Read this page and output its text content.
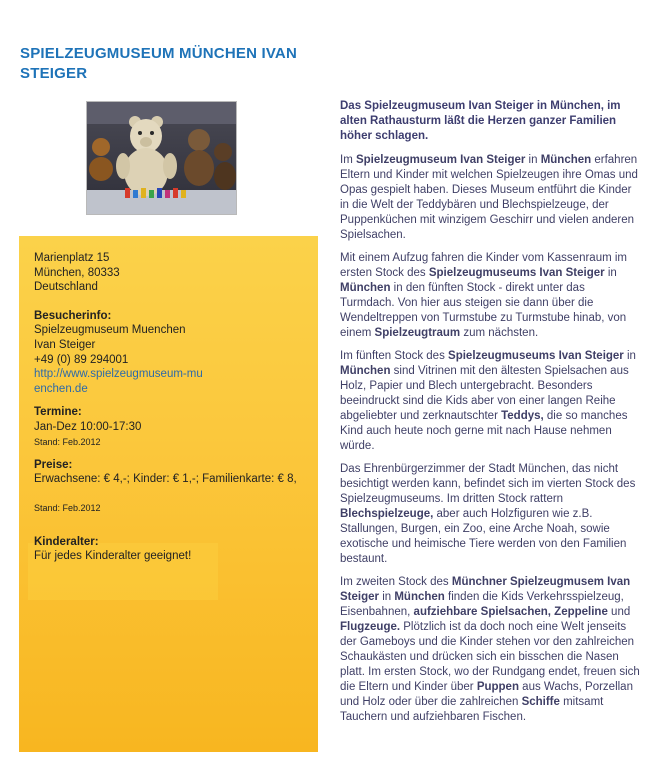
SPIELZEUGMUSEUM MÜNCHEN IVAN STEIGER

Marienplatz 15

München, 80333

Deutschland

Besucherinfo:

Spielzeugmuseum Muenchen

Ivan Steiger

+49 (0) 89 294001

http://www.spielzeugmuseum-muenchen.de

Termine:

Jan-Dez 10:00-17:30

Stand: Feb.2012

Preise:

Erwachsene: € 4,-; Kinder: € 1,-; Familienkarte: € 8,

Stand: Feb.2012

Kinderalter:

Für jedes Kinderalter geeignet!

Das Spielzeugmuseum Ivan Steiger in München, im alten Rathausturm läßt die Herzen ganzer Familien höher schlagen.

Im Spielzeugmuseum Ivan Steiger in München erfahren Eltern und Kinder mit welchen Spielzeugen ihre Omas und Opas gespielt haben. Dieses Museum entführt die Kinder in die Welt der Teddybären und Blechspielzeuge, der Puppenküchen mit winzigem Geschirr und vielen anderen Spielsachen.

Mit einem Aufzug fahren die Kinder vom Kassenraum im ersten Stock des Spielzeugmuseums Ivan Steiger in München in den fünften Stock - direkt unter das Turmdach. Von hier aus steigen sie dann über die Wendeltreppen von Turmstube zu Turmstube hinab, von einem Spielzeugtraum zum nächsten.

Im fünften Stock des Spielzeugmuseums Ivan Steiger in München sind Vitrinen mit den ältesten Spielsachen aus Holz, Papier und Blech untergebracht. Besonders beeindruckt sind die Kids aber von einer langen Reihe abgeliebter und zerknautschter Teddys, die so manches Kind auch heute noch gerne mit nach Hause nehmen würde.

Das Ehrenbürgerzimmer der Stadt München, das nicht besichtigt werden kann, befindet sich im vierten Stock des Spielzeugmuseums. Im dritten Stock rattern Blechspielzeuge, aber auch Holzfiguren wie z.B. Stallungen, Burgen, ein Zoo, eine Arche Noah, sowie exotische und heimische Tiere werden von den Familien bestaunt.

Im zweiten Stock des Münchner Spielzeugmusem Ivan Steiger in München finden die Kids Verkehrsspielzeug, Eisenbahnen, aufziehbare Spielsachen, Zeppeline und Flugzeuge. Plötzlich ist da doch noch eine Welt jenseits der Gameboys und die Kinder stehen vor den zahlreichen Schaukästen und drücken sich ein bisschen die Nasen platt. Im ersten Stock, wo der Rundgang endet, freuen sich die Eltern und Kinder über Puppen aus Wachs, Porzellan und Holz oder über die zahlreichen Schiffe mitsamt Tauchern und aufziehbaren Fischen.
